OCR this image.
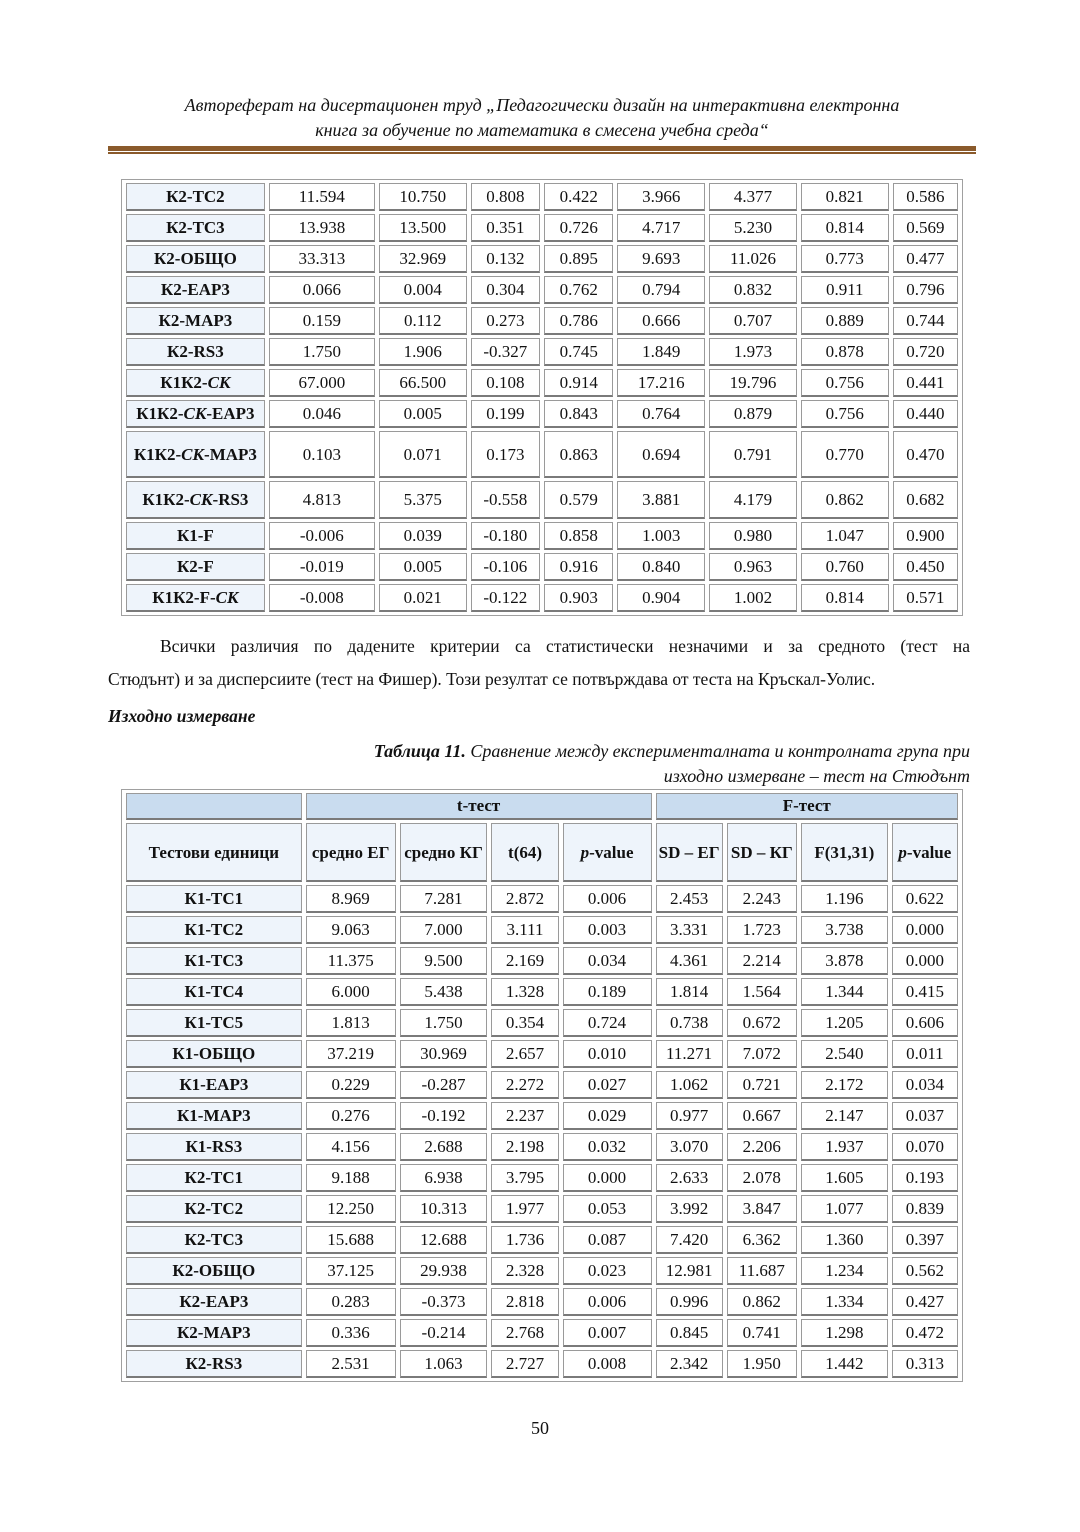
Автореферат на дисертационен труд „Педагогически дизайн на интерактивна електронна
книга за обучение по математика в смесена учебна среда“
К2-ТС2	11.594	10.750	0.808	0.422	3.966	4.377	0.821	0.586
К2-ТС3	13.938	13.500	0.351	0.726	4.717	5.230	0.814	0.569
К2-ОБЩО	33.313	32.969	0.132	0.895	9.693	11.026	0.773	0.477
К2-EAP3	0.066	0.004	0.304	0.762	0.794	0.832	0.911	0.796
К2-MAP3	0.159	0.112	0.273	0.786	0.666	0.707	0.889	0.744
К2-RS3	1.750	1.906	-0.327	0.745	1.849	1.973	0.878	0.720
К1К2-СК	67.000	66.500	0.108	0.914	17.216	19.796	0.756	0.441
К1К2-СК-EAP3	0.046	0.005	0.199	0.843	0.764	0.879	0.756	0.440
К1К2-СК-MAP3	0.103	0.071	0.173	0.863	0.694	0.791	0.770	0.470
К1К2-СК-RS3	4.813	5.375	-0.558	0.579	3.881	4.179	0.862	0.682
К1-F	-0.006	0.039	-0.180	0.858	1.003	0.980	1.047	0.900
К2-F	-0.019	0.005	-0.106	0.916	0.840	0.963	0.760	0.450
К1К2-F-СК	-0.008	0.021	-0.122	0.903	0.904	1.002	0.814	0.571
Всички различия по дадените критерии са статистически незначими и за средното (тест на
Стюдънт) и за дисперсиите (тест на Фишер). Този резултат се потвърждава от теста на Кръскал-Уолис.
Изходно измерване
Таблица 11. Сравнение между експерименталната и контролната група при
изходно измерване – тест на Стюдънт
	t-тест				F-тест			
Тестови единици	средно ЕГ	средно КГ	t(64)	p-value	SD – ЕГ	SD – КГ	F(31,31)	p-value
К1-ТС1	8.969	7.281	2.872	0.006	2.453	2.243	1.196	0.622
К1-ТС2	9.063	7.000	3.111	0.003	3.331	1.723	3.738	0.000
К1-ТС3	11.375	9.500	2.169	0.034	4.361	2.214	3.878	0.000
К1-ТС4	6.000	5.438	1.328	0.189	1.814	1.564	1.344	0.415
К1-ТС5	1.813	1.750	0.354	0.724	0.738	0.672	1.205	0.606
К1-ОБЩО	37.219	30.969	2.657	0.010	11.271	7.072	2.540	0.011
К1-EAP3	0.229	-0.287	2.272	0.027	1.062	0.721	2.172	0.034
К1-MAP3	0.276	-0.192	2.237	0.029	0.977	0.667	2.147	0.037
К1-RS3	4.156	2.688	2.198	0.032	3.070	2.206	1.937	0.070
К2-ТС1	9.188	6.938	3.795	0.000	2.633	2.078	1.605	0.193
К2-ТС2	12.250	10.313	1.977	0.053	3.992	3.847	1.077	0.839
К2-ТС3	15.688	12.688	1.736	0.087	7.420	6.362	1.360	0.397
К2-ОБЩО	37.125	29.938	2.328	0.023	12.981	11.687	1.234	0.562
К2-EAP3	0.283	-0.373	2.818	0.006	0.996	0.862	1.334	0.427
К2-MAP3	0.336	-0.214	2.768	0.007	0.845	0.741	1.298	0.472
К2-RS3	2.531	1.063	2.727	0.008	2.342	1.950	1.442	0.313
50
